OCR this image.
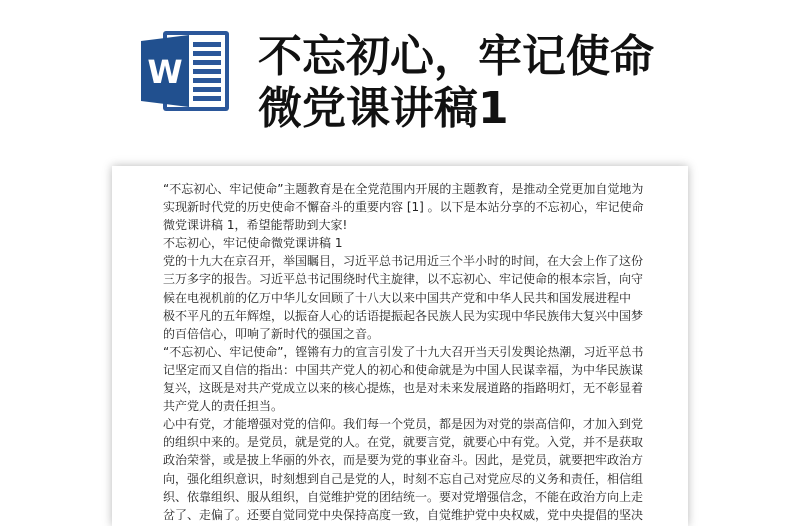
W 不忘初心，牢记使命
微党课讲稿1
“不忘初心、牢记使命”主题教育是在全党范围内开展的主题教育，是推动全党更加自觉地为
实现新时代党的历史使命不懈奋斗的重要内容 [1] 。以下是本站分享的不忘初心，牢记使命
微党课讲稿 1，希望能帮助到大家!
不忘初心，牢记使命微党课讲稿 1
党的十九大在京召开，举国瞩目，习近平总书记用近三个半小时的时间，在大会上作了这份
三万多字的报告。习近平总书记围绕时代主旋律，以不忘初心、牢记使命的根本宗旨，向守
候在电视机前的亿万中华儿女回顾了十八大以来中国共产党和中华人民共和国发展进程中
极不平凡的五年辉煌，以振奋人心的话语提振起各民族人民为实现中华民族伟大复兴中国梦
的百倍信心，叩响了新时代的强国之音。
“不忘初心、牢记使命”，铿锵有力的宣言引发了十九大召开当天引发舆论热潮，习近平总书
记坚定而又自信的指出：中国共产党人的初心和使命就是为中国人民谋幸福，为中华民族谋
复兴，这既是对共产党成立以来的核心提炼，也是对未来发展道路的指路明灯，无不彰显着
共产党人的责任担当。
心中有党，才能增强对党的信仰。我们每一个党员，都是因为对党的崇高信仰，才加入到党
的组织中来的。是党员，就是党的人。在党，就要言党，就要心中有党。入党，并不是获取
政治荣誉，或是披上华丽的外衣，而是要为党的事业奋斗。因此，是党员，就要把牢政治方
向，强化组织意识，时刻想到自己是党的人，时刻不忘自己对党应尽的义务和责任，相信组
织、依靠组织、服从组织，自觉维护党的团结统一。要对党增强信念，不能在政治方向上走
岔了、走偏了。还要自觉同党中央保持高度一致，自觉维护党中央权威，党中央提倡的坚决
